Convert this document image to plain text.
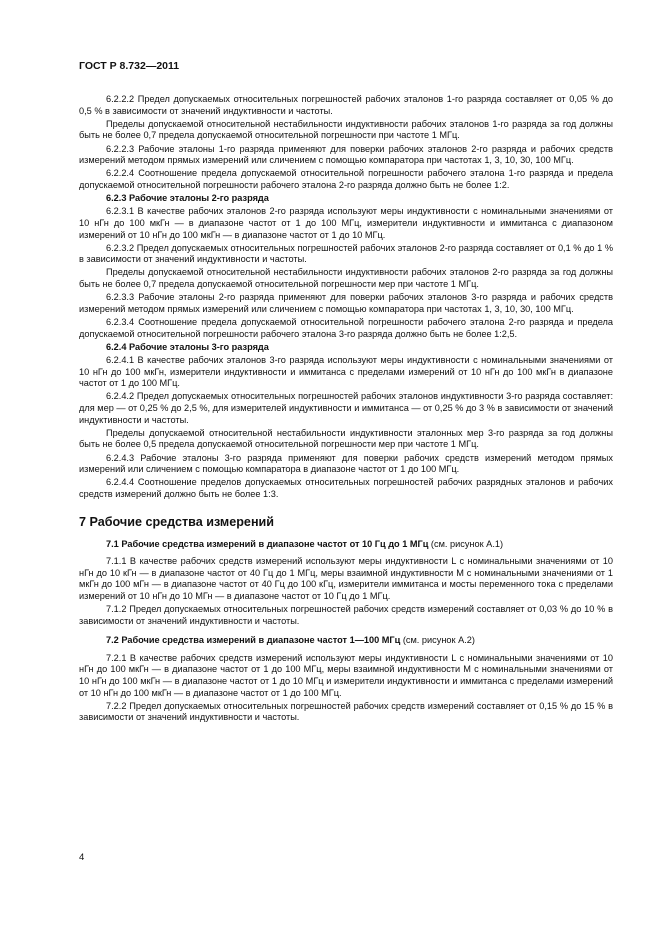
ГОСТ Р 8.732—2011

6.2.2.2 Предел допускаемых относительных погрешностей рабочих эталонов 1-го разряда составляет от 0,05 % до 0,5 % в зависимости от значений индуктивности и частоты.

Пределы допускаемой относительной нестабильности индуктивности рабочих эталонов 1-го разряда за год должны быть не более 0,7 предела допускаемой относительной погрешности при частоте 1 МГц.

6.2.2.3 Рабочие эталоны 1-го разряда применяют для поверки рабочих эталонов 2-го разряда и рабочих средств измерений методом прямых измерений или сличением с помощью компаратора при частотах 1, 3, 10, 30, 100 МГц.

6.2.2.4 Соотношение предела допускаемой относительной погрешности рабочего эталона 1-го разряда и предела допускаемой относительной погрешности рабочего эталона 2-го разряда должно быть не более 1:2.

6.2.3 Рабочие эталоны 2-го разряда

6.2.3.1 В качестве рабочих эталонов 2-го разряда используют меры индуктивности с номинальными значениями от 10 нГн до 100 мкГн — в диапазоне частот от 1 до 100 МГц, измерители индуктивности и иммитанса с диапазоном измерений от 10 нГн до 100 мкГн — в диапазоне частот от 1 до 10 МГц.

6.2.3.2 Предел допускаемых относительных погрешностей рабочих эталонов 2-го разряда составляет от 0,1 % до 1 % в зависимости от значений индуктивности и частоты.

Пределы допускаемой относительной нестабильности индуктивности рабочих эталонов 2-го разряда за год должны быть не более 0,7 предела допускаемой относительной погрешности мер при частоте 1 МГц.

6.2.3.3 Рабочие эталоны 2-го разряда применяют для поверки рабочих эталонов 3-го разряда и рабочих средств измерений методом прямых измерений или сличением с помощью компаратора при частотах 1, 3, 10, 30, 100 МГц.

6.2.3.4 Соотношение предела допускаемой относительной погрешности рабочего эталона 2-го разряда и предела допускаемой относительной погрешности рабочего эталона 3-го разряда должно быть не более 1:2,5.

6.2.4 Рабочие эталоны 3-го разряда

6.2.4.1 В качестве рабочих эталонов 3-го разряда используют меры индуктивности с номинальными значениями от 10 нГн до 100 мкГн, измерители индуктивности и иммитанса с пределами измерений от 10 нГн до 100 мкГн в диапазоне частот от 1 до 100 МГц.

6.2.4.2 Предел допускаемых относительных погрешностей рабочих эталонов индуктивности 3-го разряда составляет: для мер — от 0,25 % до 2,5 %, для измерителей индуктивности и иммитанса — от 0,25 % до 3 % в зависимости от значений индуктивности и частоты.

Пределы допускаемой относительной нестабильности индуктивности эталонных мер 3-го разряда за год должны быть не более 0,5 предела допускаемой относительной погрешности мер при частоте 1 МГц.

6.2.4.3 Рабочие эталоны 3-го разряда применяют для поверки рабочих средств измерений методом прямых измерений или сличением с помощью компаратора в диапазоне частот от 1 до 100 МГц.

6.2.4.4 Соотношение пределов допускаемых относительных погрешностей рабочих разрядных эталонов и рабочих средств измерений должно быть не более 1:3.

7 Рабочие средства измерений
7.1 Рабочие средства измерений в диапазоне частот от 10 Гц до 1 МГц (см. рисунок А.1)

7.1.1 В качестве рабочих средств измерений используют меры индуктивности L с номинальными значениями от 10 нГн до 10 кГн — в диапазоне частот от 40 Гц до 1 МГц, меры взаимной индуктивности M с номинальными значениями от 1 мкГн до 100 мГн — в диапазоне частот от 40 Гц до 100 кГц, измерители иммитанса и мосты переменного тока с пределами измерений от 10 нГн до 10 МГн — в диапазоне частот от 10 Гц до 1 МГц.

7.1.2 Предел допускаемых относительных погрешностей рабочих средств измерений составляет от 0,03 % до 10 % в зависимости от значений индуктивности и частоты.

7.2 Рабочие средства измерений в диапазоне частот 1—100 МГц (см. рисунок А.2)

7.2.1 В качестве рабочих средств измерений используют меры индуктивности L с номинальными значениями от 10 нГн до 100 мкГн — в диапазоне частот от 1 до 100 МГц, меры взаимной индуктивности M с номинальными значениями от 10 нГн до 100 мкГн — в диапазоне частот от 1 до 10 МГц и измерители индуктивности и иммитанса с пределами измерений от 10 нГн до 100 мкГн — в диапазоне частот от 1 до 100 МГц.

7.2.2 Предел допускаемых относительных погрешностей рабочих средств измерений составляет от 0,15 % до 15 % в зависимости от значений индуктивности и частоты.

4
